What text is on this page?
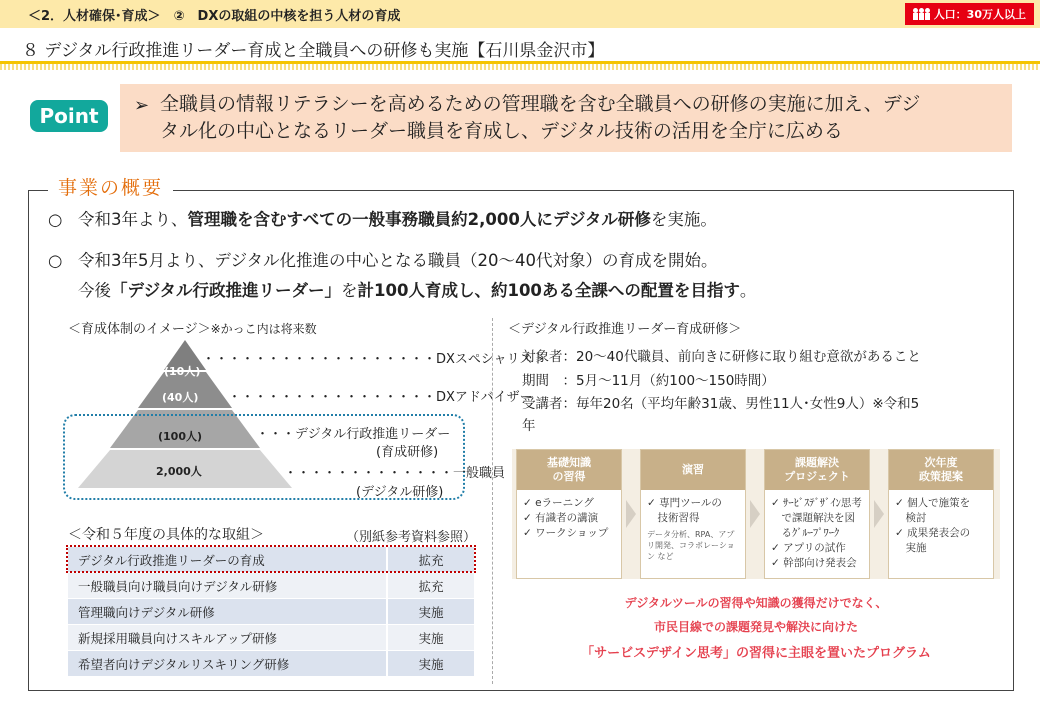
＜2．人材確保･育成＞　②　DXの取組の中核を担う人材の育成	人口：30万人以上
８ デジタル行政推進リーダー育成と全職員への研修も実施【石川県金沢市】
Point	➢ 全職員の情報リテラシーを高めるための管理職を含む全職員への研修の実施に加え、デジ
タル化の中心となるリーダー職員を育成し、デジタル技術の活用を全庁に広める
事業の概要
○ 令和3年より、管理職を含むすべての一般事務職員約2,000人にデジタル研修を実施。
○ 令和3年5月より、デジタル化推進の中心となる職員（20～40代対象）の育成を開始。
今後「デジタル行政推進リーダー」を計100人育成し、約100ある全課への配置を目指す。
＜育成体制のイメージ＞※かっこ内は将来数
(10人)
(40人)
(100人)
2,000人
・・・・・・・・・・・・・・・・・・DXスペシャリスト
・・・・・・・・・・・・・・・・DXアドバイザー
・・・デジタル行政推進リーダー
(育成研修)
・・・・・・・・・・・・・一般職員
(デジタル研修)
＜令和５年度の具体的な取組＞	（別紙参考資料参照）
デジタル行政推進リーダーの育成	拡充
一般職員向け職員向けデジタル研修	拡充
管理職向けデジタル研修	実施
新規採用職員向けスキルアップ研修	実施
希望者向けデジタルリスキリング研修	実施
＜デジタル行政推進リーダー育成研修＞
対象者：20～40代職員、前向きに研修に取り組む意欲があること
期間　：5月～11月（約100～150時間）
受講者：毎年20名（平均年齢31歳、男性11人･女性9人）※令和5
年
基礎知識
の習得
✓ eラーニング
✓ 有識者の講演
✓ ワークショップ
演習
✓ 専門ツールの
　技術習得
データ分析、RPA、アプリ開発、コラボレーション など
課題解決
プロジェクト
✓ ｻｰﾋﾞｽﾃﾞｻﾞｲﾝ思考
　で課題解決を図
　るｸﾞﾙｰﾌﾟﾜｰｸ
✓ アプリの試作
✓ 幹部向け発表会
次年度
政策提案
✓ 個人で施策を
　検討
✓ 成果発表会の
　実施
デジタルツールの習得や知識の獲得だけでなく、
市民目線での課題発見や解決に向けた
「サービスデザイン思考」の習得に主眼を置いたプログラム
